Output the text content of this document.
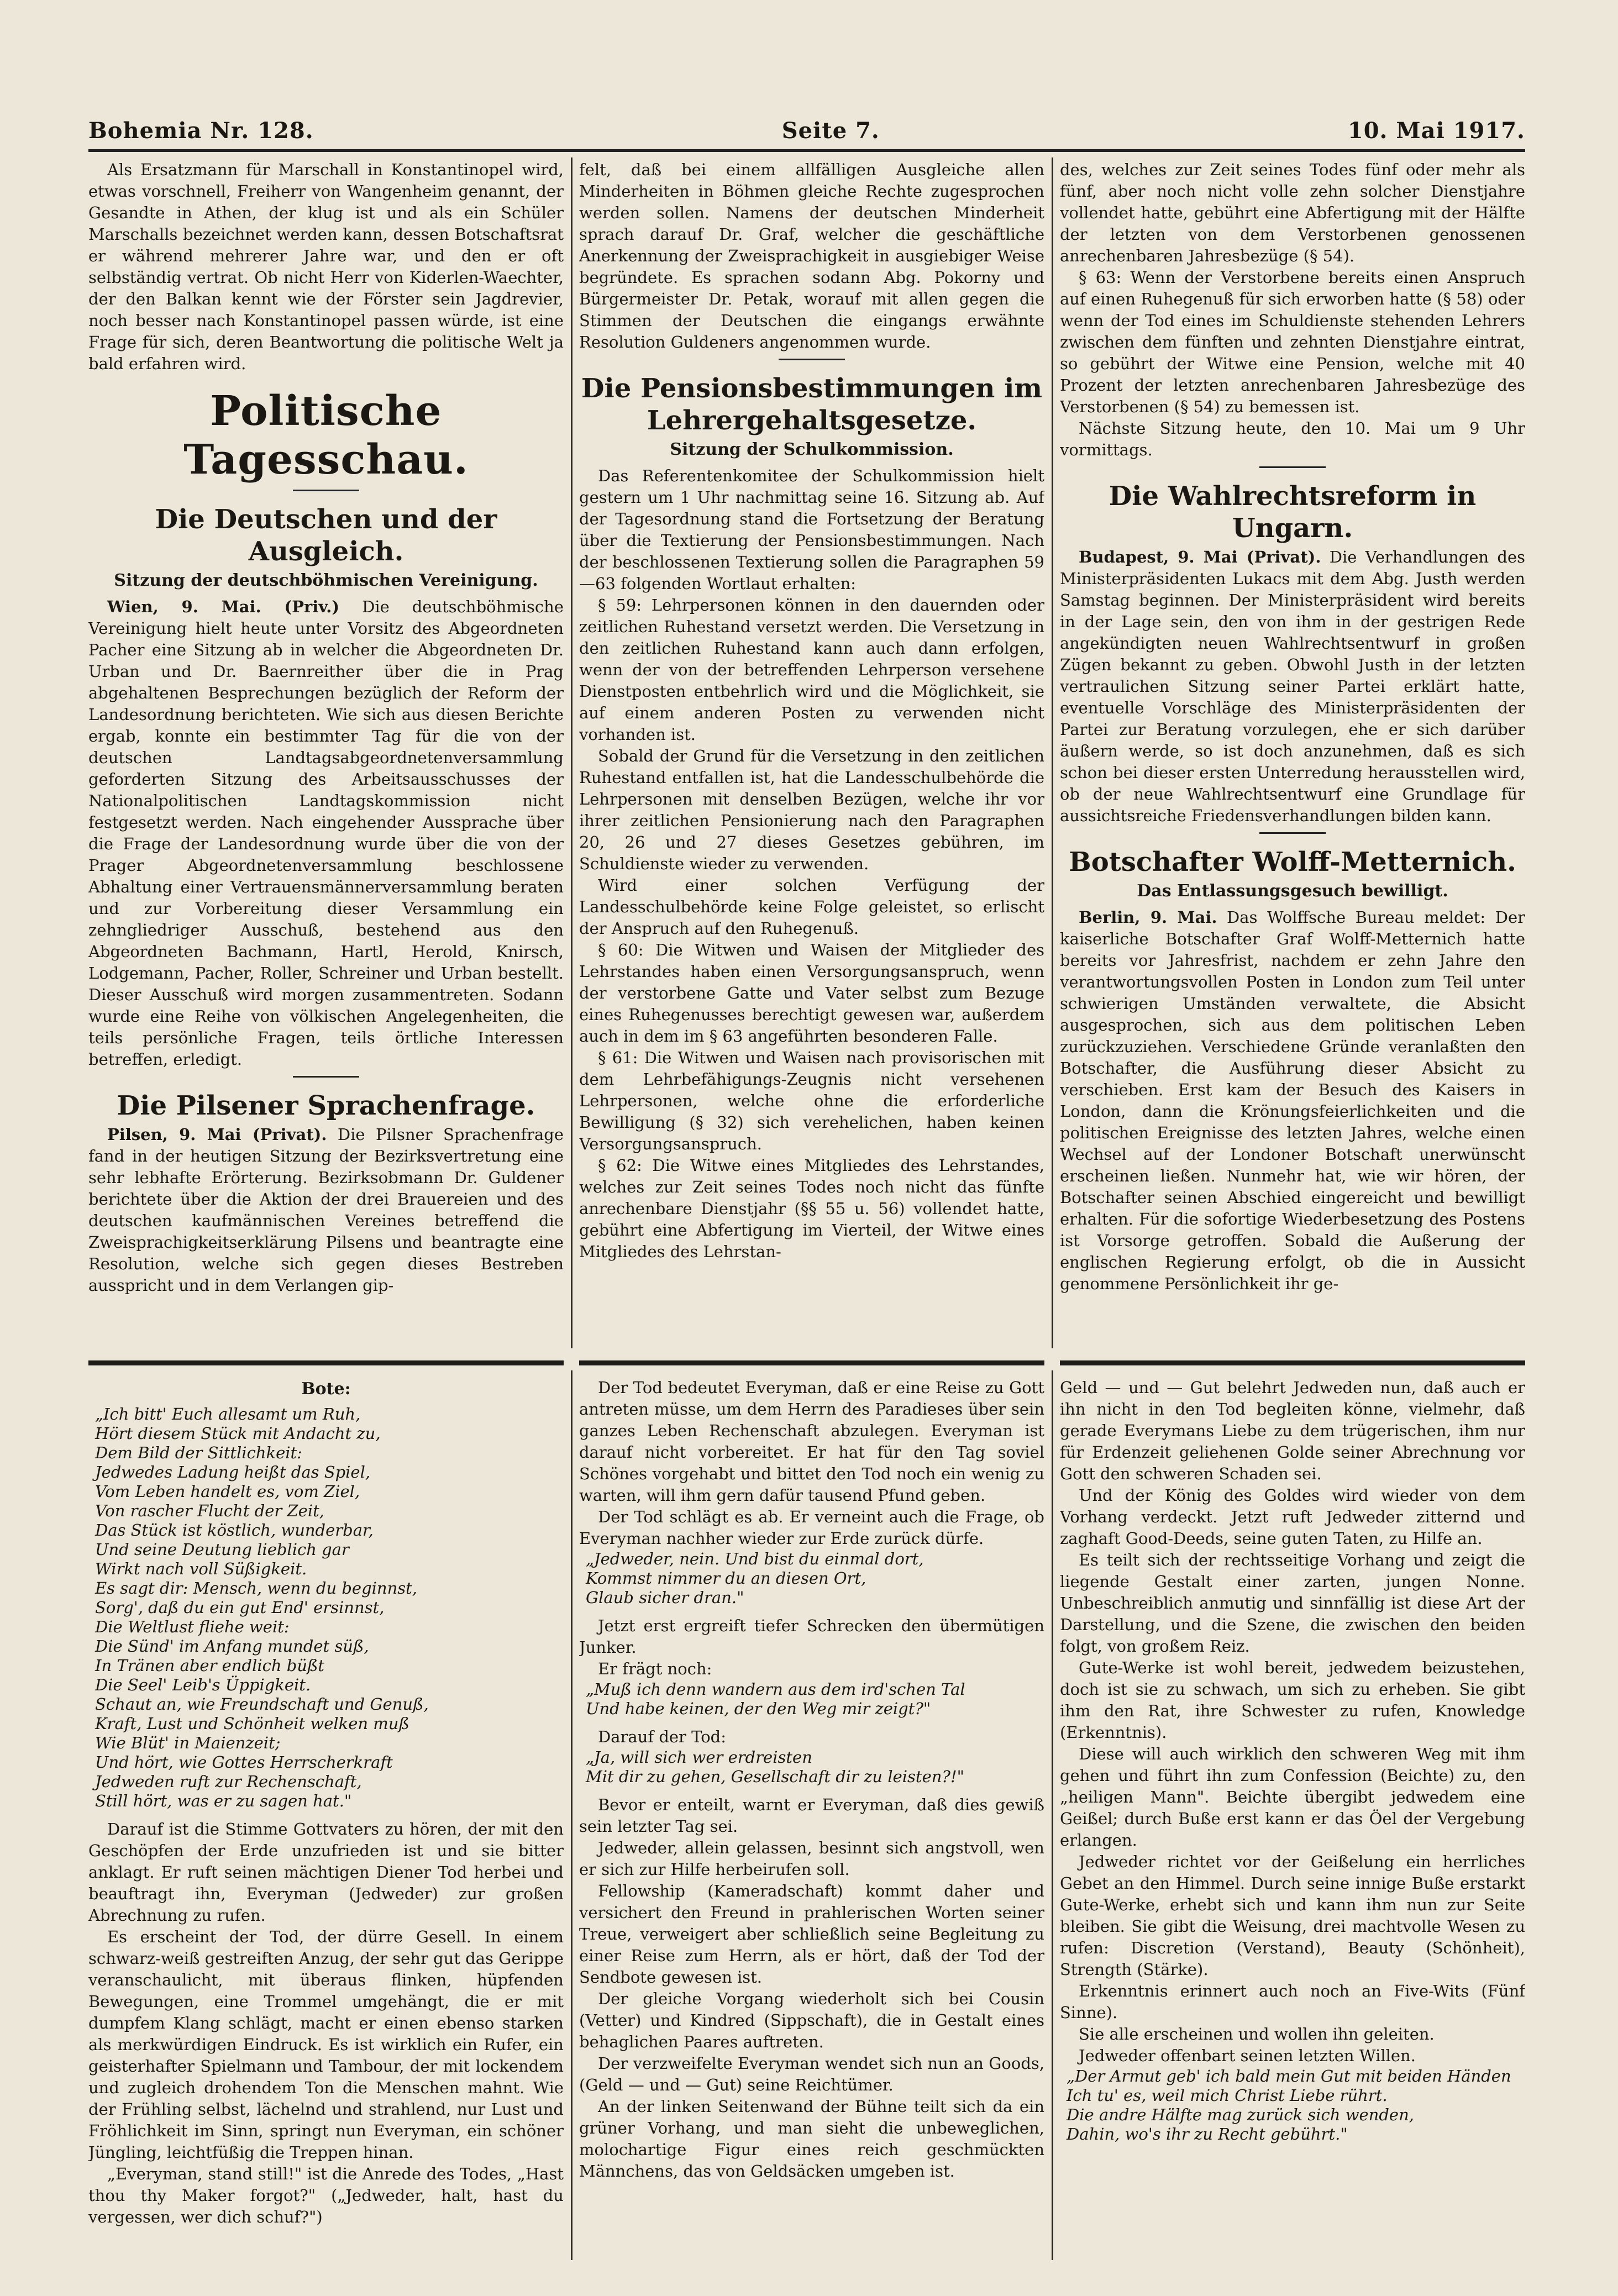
Bohemia Nr. 128.	Seite 7.	10. Mai 1917.

Als Ersatzmann für Marschall in Konstantinopel wird, etwas vorschnell, Freiherr von Wangenheim genannt, der Gesandte in Athen, der klug ist und als ein Schüler Marschalls bezeichnet werden kann, dessen Botschaftsrat er während mehrerer Jahre war, und den er oft selbständig vertrat. Ob nicht Herr von Kiderlen-Waechter, der den Balkan kennt wie der Förster sein Jagdrevier, noch besser nach Konstantinopel passen würde, ist eine Frage für sich, deren Beantwortung die politische Welt ja bald erfahren wird.

Politische Tagesschau.
Die Deutschen und der Ausgleich.
Sitzung der deutschböhmischen Vereinigung.

Wien, 9. Mai. (Priv.) Die deutschböhmische Vereinigung hielt heute unter Vorsitz des Abgeordneten Pacher eine Sitzung ab in welcher die Abgeordneten Dr. Urban und Dr. Baernreither über die in Prag abgehaltenen Besprechungen bezüglich der Reform der Landesordnung berichteten. Wie sich aus diesen Berichte ergab, konnte ein bestimmter Tag für die von der deutschen Landtagsabgeordnetenversammlung geforderten Sitzung des Arbeitsausschusses der Nationalpolitischen Landtagskommission nicht festgesetzt werden. Nach eingehender Aussprache über die Frage der Landesordnung wurde über die von der Prager Abgeordnetenversammlung beschlossene Abhaltung einer Vertrauensmännerversammlung beraten und zur Vorbereitung dieser Versammlung ein zehngliedriger Ausschuß, bestehend aus den Abgeordneten Bachmann, Hartl, Herold, Knirsch, Lodgemann, Pacher, Roller, Schreiner und Urban bestellt. Dieser Ausschuß wird morgen zusammentreten. Sodann wurde eine Reihe von völkischen Angelegenheiten, die teils persönliche Fragen, teils örtliche Interessen betreffen, erledigt.

Die Pilsener Sprachenfrage.

Pilsen, 9. Mai (Privat). Die Pilsner Sprachenfrage fand in der heutigen Sitzung der Bezirksvertretung eine sehr lebhafte Erörterung. Bezirksobmann Dr. Guldener berichtete über die Aktion der drei Brauereien und des deutschen kaufmännischen Vereines betreffend die Zweisprachigkeitserklärung Pilsens und beantragte eine Resolution, welche sich gegen dieses Bestreben ausspricht und in dem Verlangen gip-

felt, daß bei einem allfälligen Ausgleiche allen Minderheiten in Böhmen gleiche Rechte zugesprochen werden sollen. Namens der deutschen Minderheit sprach darauf Dr. Graf, welcher die geschäftliche Anerkennung der Zweisprachigkeit in ausgiebiger Weise begründete. Es sprachen sodann Abg. Pokorny und Bürgermeister Dr. Petak, worauf mit allen gegen die Stimmen der Deutschen die eingangs erwähnte Resolution Guldeners angenommen wurde.

Die Pensionsbestimmungen im Lehrergehaltsgesetze.
Sitzung der Schulkommission.

Das Referentenkomitee der Schulkommission hielt gestern um 1 Uhr nachmittag seine 16. Sitzung ab. Auf der Tagesordnung stand die Fortsetzung der Beratung über die Textierung der Pensionsbestimmungen. Nach der beschlossenen Textierung sollen die Paragraphen 59—63 folgenden Wortlaut erhalten:

§ 59: Lehrpersonen können in den dauernden oder zeitlichen Ruhestand versetzt werden. Die Versetzung in den zeitlichen Ruhestand kann auch dann erfolgen, wenn der von der betreffenden Lehrperson versehene Dienstposten entbehrlich wird und die Möglichkeit, sie auf einem anderen Posten zu verwenden nicht vorhanden ist.

Sobald der Grund für die Versetzung in den zeitlichen Ruhestand entfallen ist, hat die Landesschulbehörde die Lehrpersonen mit denselben Bezügen, welche ihr vor ihrer zeitlichen Pensionierung nach den Paragraphen 20, 26 und 27 dieses Gesetzes gebühren, im Schuldienste wieder zu verwenden.

Wird einer solchen Verfügung der Landesschulbehörde keine Folge geleistet, so erlischt der Anspruch auf den Ruhegenuß.

§ 60: Die Witwen und Waisen der Mitglieder des Lehrstandes haben einen Versorgungsanspruch, wenn der verstorbene Gatte und Vater selbst zum Bezuge eines Ruhegenusses berechtigt gewesen war, außerdem auch in dem im § 63 angeführten besonderen Falle.

§ 61: Die Witwen und Waisen nach provisorischen mit dem Lehrbefähigungs-Zeugnis nicht versehenen Lehrpersonen, welche ohne die erforderliche Bewilligung (§ 32) sich verehelichen, haben keinen Versorgungsanspruch.

§ 62: Die Witwe eines Mitgliedes des Lehrstandes, welches zur Zeit seines Todes noch nicht das fünfte anrechenbare Dienstjahr (§§ 55 u. 56) vollendet hatte, gebührt eine Abfertigung im Vierteil, der Witwe eines Mitgliedes des Lehrstan-

des, welches zur Zeit seines Todes fünf oder mehr als fünf, aber noch nicht volle zehn solcher Dienstjahre vollendet hatte, gebührt eine Abfertigung mit der Hälfte der letzten von dem Verstorbenen genossenen anrechenbaren Jahresbezüge (§ 54).

§ 63: Wenn der Verstorbene bereits einen Anspruch auf einen Ruhegenuß für sich erworben hatte (§ 58) oder wenn der Tod eines im Schuldienste stehenden Lehrers zwischen dem fünften und zehnten Dienstjahre eintrat, so gebührt der Witwe eine Pension, welche mit 40 Prozent der letzten anrechenbaren Jahresbezüge des Verstorbenen (§ 54) zu bemessen ist.

Nächste Sitzung heute, den 10. Mai um 9 Uhr vormittags.

Die Wahlrechtsreform in Ungarn.

Budapest, 9. Mai (Privat). Die Verhandlungen des Ministerpräsidenten Lukacs mit dem Abg. Justh werden Samstag beginnen. Der Ministerpräsident wird bereits in der Lage sein, den von ihm in der gestrigen Rede angekündigten neuen Wahlrechtsentwurf in großen Zügen bekannt zu geben. Obwohl Justh in der letzten vertraulichen Sitzung seiner Partei erklärt hatte, eventuelle Vorschläge des Ministerpräsidenten der Partei zur Beratung vorzulegen, ehe er sich darüber äußern werde, so ist doch anzunehmen, daß es sich schon bei dieser ersten Unterredung herausstellen wird, ob der neue Wahlrechtsentwurf eine Grundlage für aussichtsreiche Friedensverhandlungen bilden kann.

Botschafter Wolff-Metternich.
Das Entlassungsgesuch bewilligt.

Berlin, 9. Mai. Das Wolffsche Bureau meldet: Der kaiserliche Botschafter Graf Wolff-Metternich hatte bereits vor Jahresfrist, nachdem er zehn Jahre den verantwortungsvollen Posten in London zum Teil unter schwierigen Umständen verwaltete, die Absicht ausgesprochen, sich aus dem politischen Leben zurückzuziehen. Verschiedene Gründe veranlaßten den Botschafter, die Ausführung dieser Absicht zu verschieben. Erst kam der Besuch des Kaisers in London, dann die Krönungsfeierlichkeiten und die politischen Ereignisse des letzten Jahres, welche einen Wechsel auf der Londoner Botschaft unerwünscht erscheinen ließen. Nunmehr hat, wie wir hören, der Botschafter seinen Abschied eingereicht und bewilligt erhalten. Für die sofortige Wiederbesetzung des Postens ist Vorsorge getroffen. Sobald die Außerung der englischen Regierung erfolgt, ob die in Aussicht genommene Persönlichkeit ihr ge-

Bote:

„Ich bitt' Euch allesamt um Ruh,

Hört diesem Stück mit Andacht zu,

Dem Bild der Sittlichkeit:

Jedwedes Ladung heißt das Spiel,

Vom Leben handelt es, vom Ziel,

Von rascher Flucht der Zeit,

Das Stück ist köstlich, wunderbar,

Und seine Deutung lieblich gar

Wirkt nach voll Süßigkeit.

Es sagt dir: Mensch, wenn du beginnst,

Sorg', daß du ein gut End' ersinnst,

Die Weltlust fliehe weit:

Die Sünd' im Anfang mundet süß,

In Tränen aber endlich büßt

Die Seel' Leib's Üppigkeit.

Schaut an, wie Freundschaft und Genuß,

Kraft, Lust und Schönheit welken muß

Wie Blüt' in Maienzeit;

Und hört, wie Gottes Herrscherkraft

Jedweden ruft zur Rechenschaft,

Still hört, was er zu sagen hat."

Darauf ist die Stimme Gottvaters zu hören, der mit den Geschöpfen der Erde unzufrieden ist und sie bitter anklagt. Er ruft seinen mächtigen Diener Tod herbei und beauftragt ihn, Everyman (Jedweder) zur großen Abrechnung zu rufen.

Es erscheint der Tod, der dürre Gesell. In einem schwarz-weiß gestreiften Anzug, der sehr gut das Gerippe veranschaulicht, mit überaus flinken, hüpfenden Bewegungen, eine Trommel umgehängt, die er mit dumpfem Klang schlägt, macht er einen ebenso starken als merkwürdigen Eindruck. Es ist wirklich ein Rufer, ein geisterhafter Spielmann und Tambour, der mit lockendem und zugleich drohendem Ton die Menschen mahnt. Wie der Frühling selbst, lächelnd und strahlend, nur Lust und Fröhlichkeit im Sinn, springt nun Everyman, ein schöner Jüngling, leichtfüßig die Treppen hinan.

„Everyman, stand still!" ist die Anrede des Todes, „Hast thou thy Maker forgot?" („Jedweder, halt, hast du vergessen, wer dich schuf?")

Der Tod bedeutet Everyman, daß er eine Reise zu Gott antreten müsse, um dem Herrn des Paradieses über sein ganzes Leben Rechenschaft abzulegen. Everyman ist darauf nicht vorbereitet. Er hat für den Tag soviel Schönes vorgehabt und bittet den Tod noch ein wenig zu warten, will ihm gern dafür tausend Pfund geben.

Der Tod schlägt es ab. Er verneint auch die Frage, ob Everyman nachher wieder zur Erde zurück dürfe.

„Jedweder, nein. Und bist du einmal dort,

Kommst nimmer du an diesen Ort,

Glaub sicher dran."

Jetzt erst ergreift tiefer Schrecken den übermütigen Junker.

Er frägt noch:

„Muß ich denn wandern aus dem ird'schen Tal

Und habe keinen, der den Weg mir zeigt?"

Darauf der Tod:

„Ja, will sich wer erdreisten

Mit dir zu gehen, Gesellschaft dir zu leisten?!"

Bevor er enteilt, warnt er Everyman, daß dies gewiß sein letzter Tag sei.

Jedweder, allein gelassen, besinnt sich angstvoll, wen er sich zur Hilfe herbeirufen soll.

Fellowship (Kameradschaft) kommt daher und versichert den Freund in prahlerischen Worten seiner Treue, verweigert aber schließlich seine Begleitung zu einer Reise zum Herrn, als er hört, daß der Tod der Sendbote gewesen ist.

Der gleiche Vorgang wiederholt sich bei Cousin (Vetter) und Kindred (Sippschaft), die in Gestalt eines behaglichen Paares auftreten.

Der verzweifelte Everyman wendet sich nun an Goods, (Geld — und — Gut) seine Reichtümer.

An der linken Seitenwand der Bühne teilt sich da ein grüner Vorhang, und man sieht die unbeweglichen, molochartige Figur eines reich geschmückten Männchens, das von Geldsäcken umgeben ist.

Geld — und — Gut belehrt Jedweden nun, daß auch er ihn nicht in den Tod begleiten könne, vielmehr, daß gerade Everymans Liebe zu dem trügerischen, ihm nur für Erdenzeit geliehenen Golde seiner Abrechnung vor Gott den schweren Schaden sei.

Und der König des Goldes wird wieder von dem Vorhang verdeckt. Jetzt ruft Jedweder zitternd und zaghaft Good-Deeds, seine guten Taten, zu Hilfe an.

Es teilt sich der rechtsseitige Vorhang und zeigt die liegende Gestalt einer zarten, jungen Nonne. Unbeschreiblich anmutig und sinnfällig ist diese Art der Darstellung, und die Szene, die zwischen den beiden folgt, von großem Reiz.

Gute-Werke ist wohl bereit, jedwedem beizustehen, doch ist sie zu schwach, um sich zu erheben. Sie gibt ihm den Rat, ihre Schwester zu rufen, Knowledge (Erkenntnis).

Diese will auch wirklich den schweren Weg mit ihm gehen und führt ihn zum Confession (Beichte) zu, den „heiligen Mann". Beichte übergibt jedwedem eine Geißel; durch Buße erst kann er das Öel der Vergebung erlangen.

Jedweder richtet vor der Geißelung ein herrliches Gebet an den Himmel. Durch seine innige Buße erstarkt Gute-Werke, erhebt sich und kann ihm nun zur Seite bleiben. Sie gibt die Weisung, drei machtvolle Wesen zu rufen: Discretion (Verstand), Beauty (Schönheit), Strength (Stärke).

Erkenntnis erinnert auch noch an Five-Wits (Fünf Sinne).

Sie alle erscheinen und wollen ihn geleiten.

Jedweder offenbart seinen letzten Willen.

„Der Armut geb' ich bald mein Gut mit beiden Händen

Ich tu' es, weil mich Christ Liebe rührt.

Die andre Hälfte mag zurück sich wenden,

Dahin, wo's ihr zu Recht gebührt."
